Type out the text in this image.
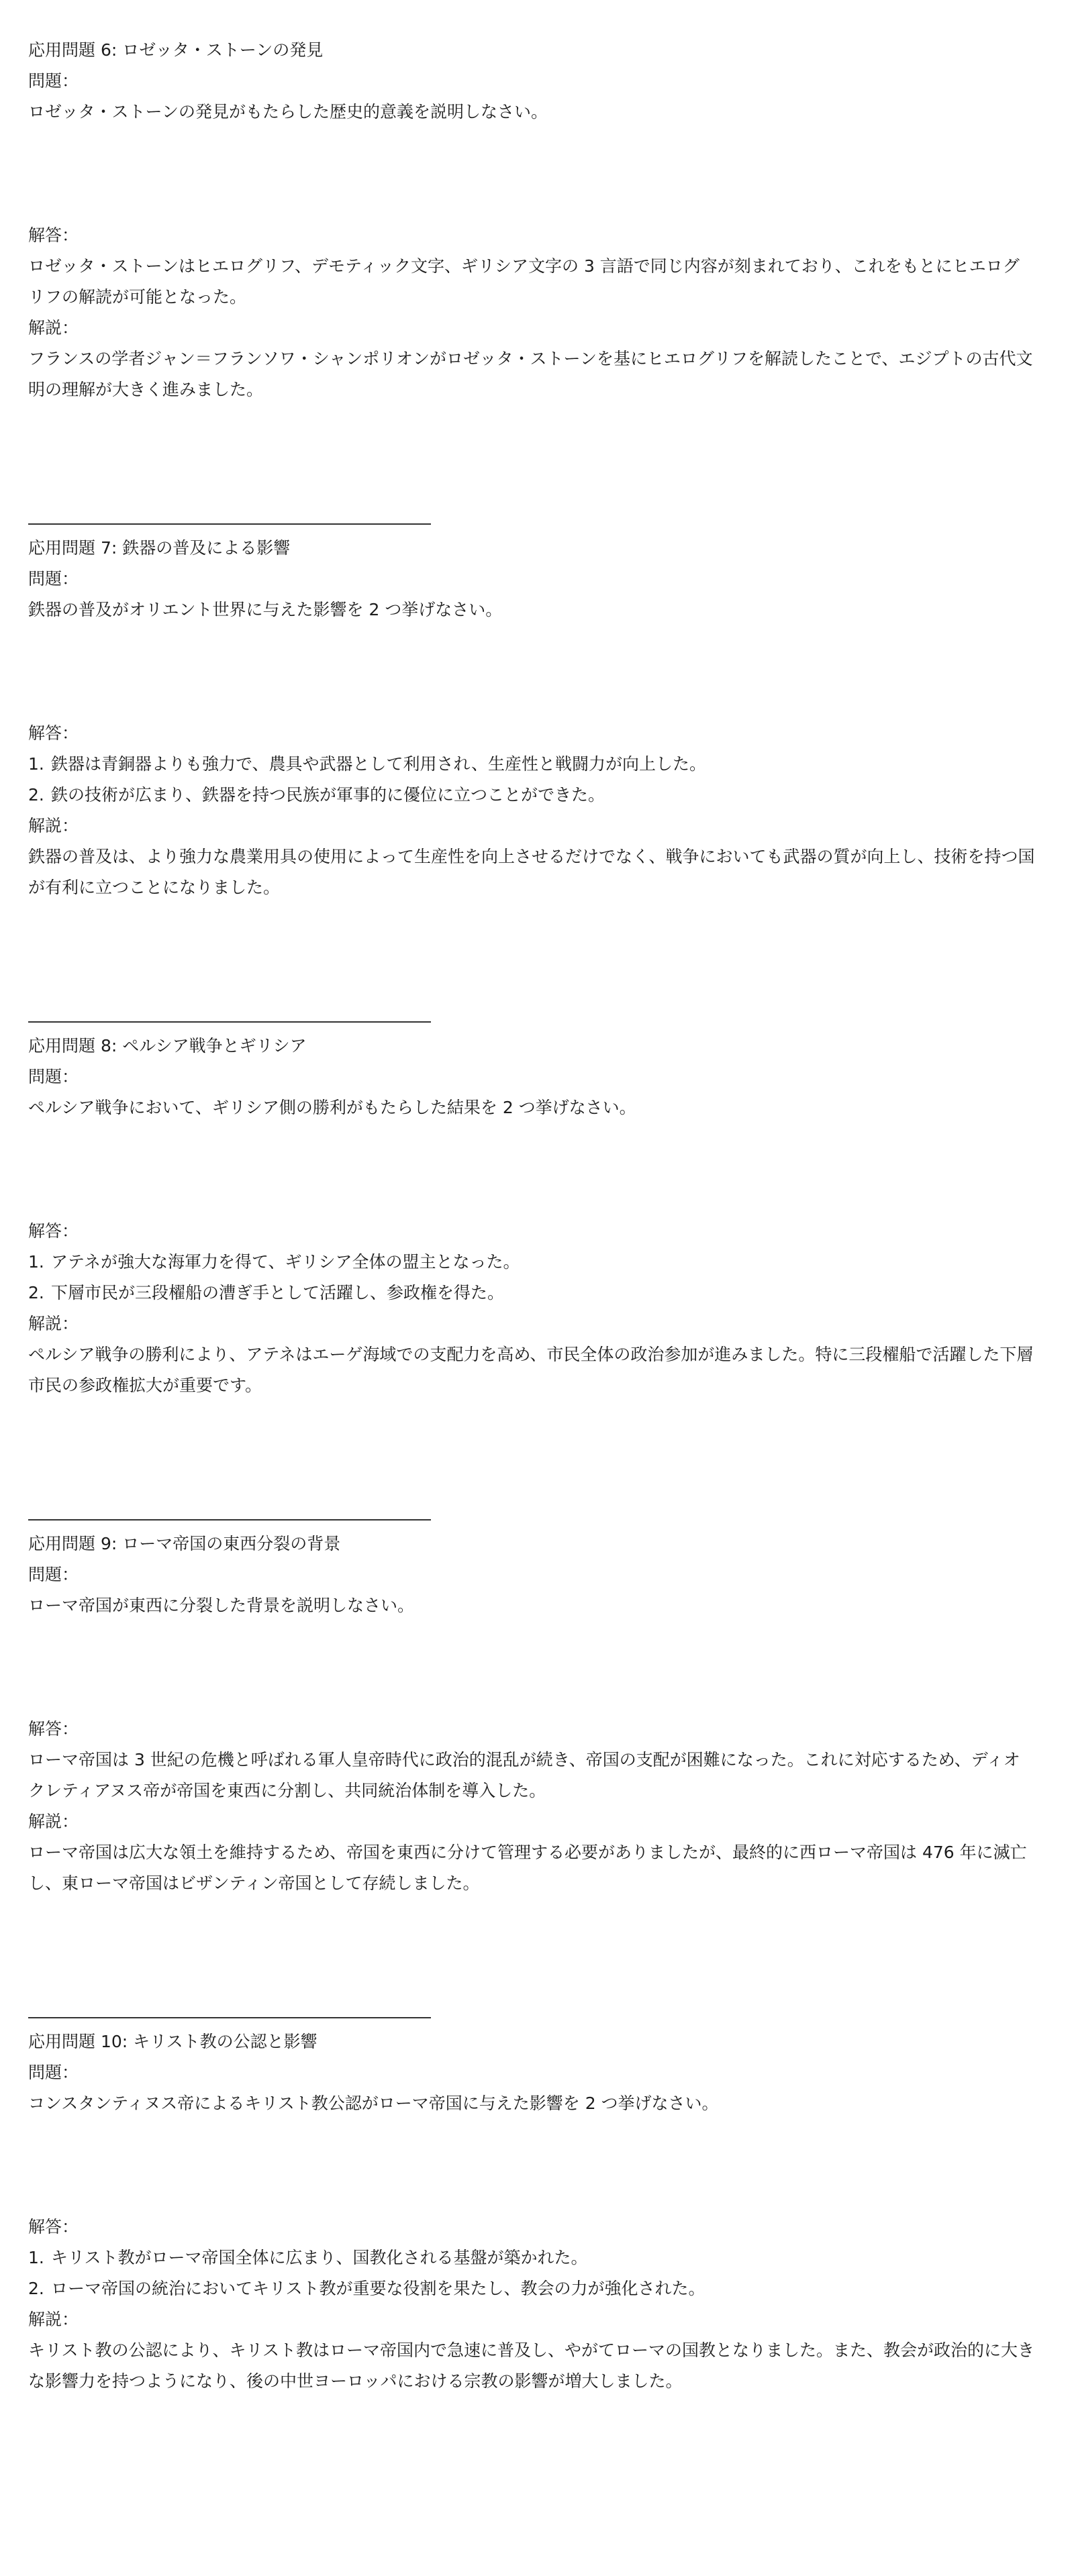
応用問題 6: ロゼッタ・ストーンの発見
問題：
ロゼッタ・ストーンの発見がもたらした歴史的意義を説明しなさい。
解答：
ロゼッタ・ストーンはヒエログリフ、デモティック文字、ギリシア文字の 3 言語で同じ内容が刻まれており、これをもとにヒエログリフの解読が可能となった。
解説：
フランスの学者ジャン＝フランソワ・シャンポリオンがロゼッタ・ストーンを基にヒエログリフを解読したことで、エジプトの古代文明の理解が大きく進みました。
応用問題 7: 鉄器の普及による影響
問題：
鉄器の普及がオリエント世界に与えた影響を 2 つ挙げなさい。
解答：
1. 鉄器は青銅器よりも強力で、農具や武器として利用され、生産性と戦闘力が向上した。
2. 鉄の技術が広まり、鉄器を持つ民族が軍事的に優位に立つことができた。
解説：
鉄器の普及は、より強力な農業用具の使用によって生産性を向上させるだけでなく、戦争においても武器の質が向上し、技術を持つ国が有利に立つことになりました。
応用問題 8: ペルシア戦争とギリシア
問題：
ペルシア戦争において、ギリシア側の勝利がもたらした結果を 2 つ挙げなさい。
解答：
1. アテネが強大な海軍力を得て、ギリシア全体の盟主となった。
2. 下層市民が三段櫂船の漕ぎ手として活躍し、参政権を得た。
解説：
ペルシア戦争の勝利により、アテネはエーゲ海域での支配力を高め、市民全体の政治参加が進みました。特に三段櫂船で活躍した下層市民の参政権拡大が重要です。
応用問題 9: ローマ帝国の東西分裂の背景
問題：
ローマ帝国が東西に分裂した背景を説明しなさい。
解答：
ローマ帝国は 3 世紀の危機と呼ばれる軍人皇帝時代に政治的混乱が続き、帝国の支配が困難になった。これに対応するため、ディオクレティアヌス帝が帝国を東西に分割し、共同統治体制を導入した。
解説：
ローマ帝国は広大な領土を維持するため、帝国を東西に分けて管理する必要がありましたが、最終的に西ローマ帝国は 476 年に滅亡し、東ローマ帝国はビザンティン帝国として存続しました。
応用問題 10: キリスト教の公認と影響
問題：
コンスタンティヌス帝によるキリスト教公認がローマ帝国に与えた影響を 2 つ挙げなさい。
解答：
1. キリスト教がローマ帝国全体に広まり、国教化される基盤が築かれた。
2. ローマ帝国の統治においてキリスト教が重要な役割を果たし、教会の力が強化された。
解説：
キリスト教の公認により、キリスト教はローマ帝国内で急速に普及し、やがてローマの国教となりました。また、教会が政治的に大きな影響力を持つようになり、後の中世ヨーロッパにおける宗教の影響が増大しました。
